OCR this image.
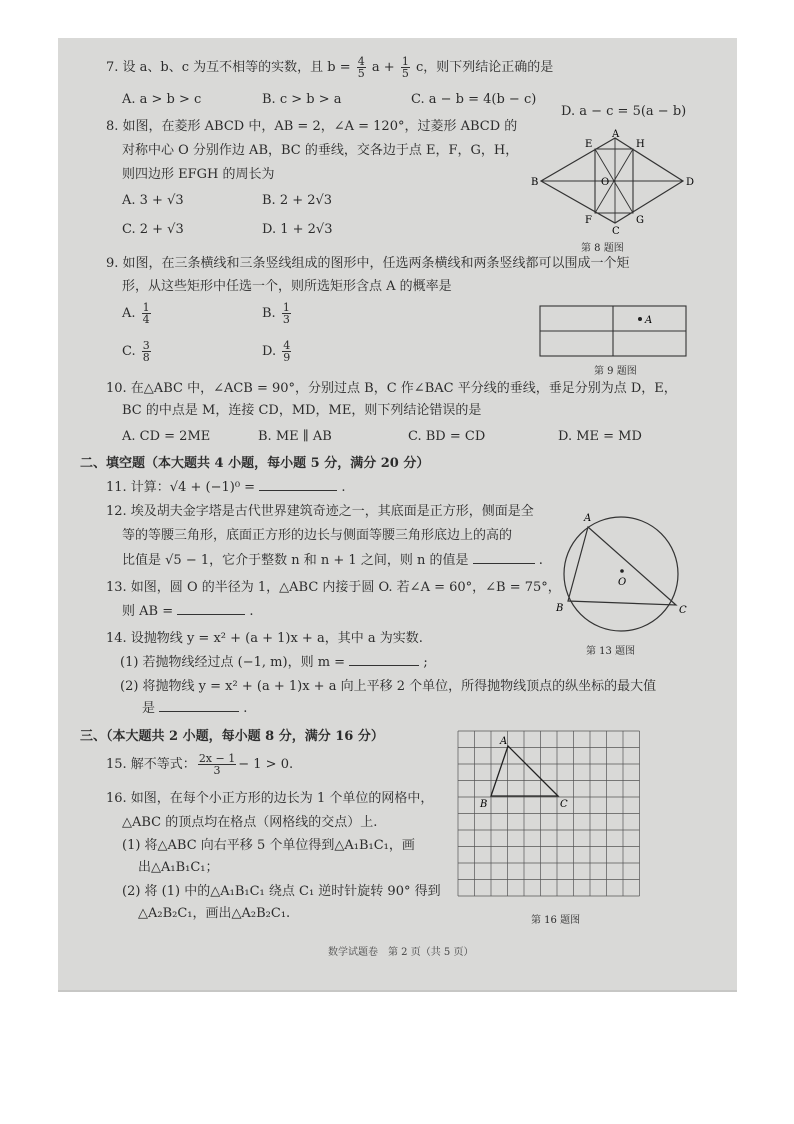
7. 设 a、b、c 为互不相等的实数，且 $b = \frac{4}{5}$ $a + \frac{1}{5}$ c，则下列结论正确的是
A. a > b > c	B. c > b > a	C. a − b = 4(b − c)
D. a − c = 5(a − b)
8. 如图，在菱形 ABCD 中，AB = 2，∠A = 120°，过菱形 ABCD 的
对称中心 O 分别作边 AB，BC 的垂线，交各边于点 E，F，G，H，
则四边形 EFGH 的周长为
A. 3 + √3	B. 2 + 2√3
C. 2 + √3	D. 1 + 2√3
A
B
C
D
E
F	G
H
O
第 8 题图
9. 如图，在三条横线和三条竖线组成的图形中，任选两条横线和两条竖线都可以围成一个矩
形，从这些矩形中任选一个，则所选矩形含点 A 的概率是
A. $\frac{1}{4}$	B. $\frac{1}{3}$
C. $\frac{3}{8}$	D. $\frac{4}{9}$
A
第 9 题图
10. 在△ABC 中，∠ACB = 90°，分别过点 B，C 作∠BAC 平分线的垂线，垂足分别为点 D，E，
BC 的中点是 M，连接 CD，MD，ME，则下列结论错误的是
A. CD = 2ME	B. ME ∥ AB	C. BD = CD	D. ME = MD
二、填空题（本大题共 4 小题，每小题 5 分，满分 20 分）
11. 计算：√4 + (−1)⁰ =	.
12. 埃及胡夫金字塔是古代世界建筑奇迹之一，其底面是正方形，侧面是全
等的等腰三角形，底面正方形的边长与侧面等腰三角形底边上的高的
比值是 √5 − 1，它介于整数 n 和 n + 1 之间，则 n 的值是	.
13. 如图，圆 O 的半径为 1，△ABC 内接于圆 O. 若∠A = 60°，∠B = 75°，
则 AB =	.
A
B	C
O
第 13 题图
14. 设抛物线 y = x² + (a + 1)x + a，其中 a 为实数.
(1) 若抛物线经过点 (−1, m)，则 m =	;
(2) 将抛物线 y = x² + (a + 1)x + a 向上平移 2 个单位，所得抛物线顶点的纵坐标的最大值
是	.
三、（本大题共 2 小题，每小题 8 分，满分 16 分）
15. 解不等式： $\frac{2x - 1}{3} - 1 > 0$.
16. 如图，在每个小正方形的边长为 1 个单位的网格中，
△ABC 的顶点均在格点（网格线的交点）上.
(1) 将△ABC 向右平移 5 个单位得到△A₁B₁C₁，画
出△A₁B₁C₁；
(2) 将 (1) 中的△A₁B₁C₁ 绕点 C₁ 逆时针旋转 90° 得到
△A₂B₂C₁，画出△A₂B₂C₁.
A
B	C
第 16 题图
数学试题卷　第 2 页（共 5 页）
